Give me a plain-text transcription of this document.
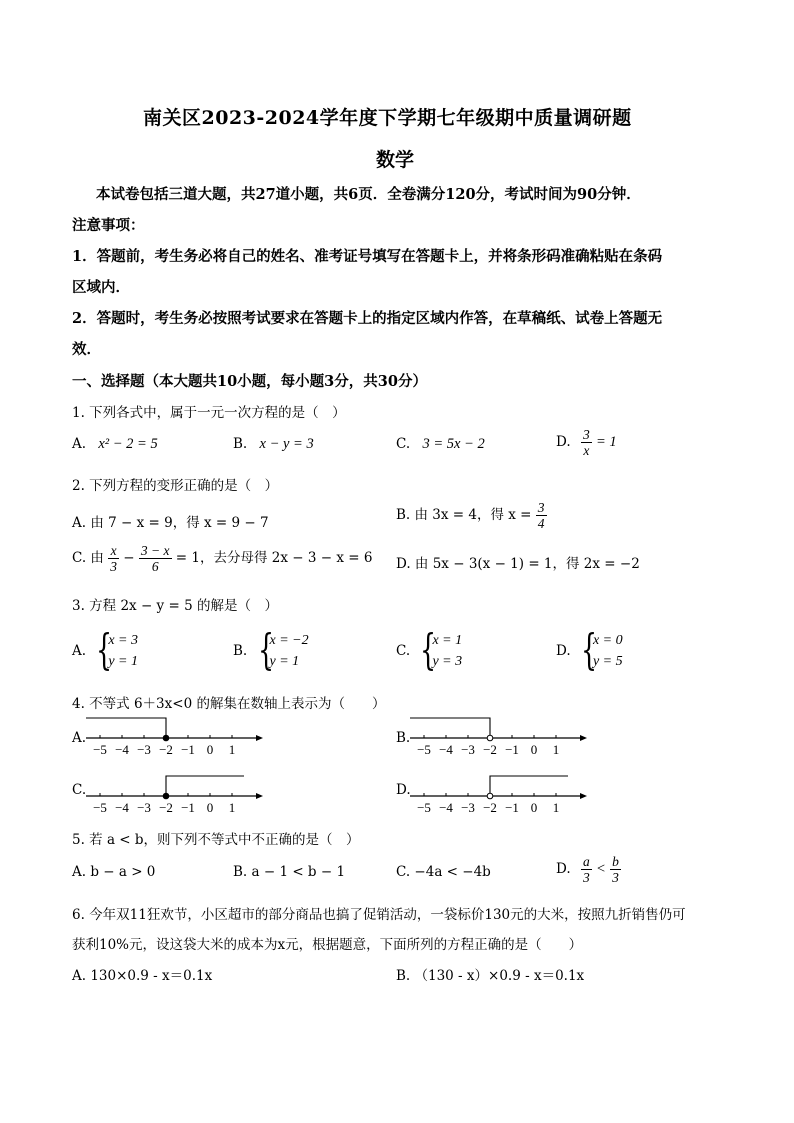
南关区2023-2024学年度下学期七年级期中质量调研题
数学
本试卷包括三道大题，共27道小题，共6页．全卷满分120分，考试时间为90分钟．
注意事项：
1．答题前，考生务必将自己的姓名、准考证号填写在答题卡上，并将条形码准确粘贴在条码
区域内．
2．答题时，考生务必按照考试要求在答题卡上的指定区域内作答，在草稿纸、试卷上答题无
效．
一、选择题（本大题共10小题，每小题3分，共30分）
1. 下列各式中，属于一元一次方程的是（　）
A. x² − 2 = 5	B. x − y = 3	C. 3 = 5x − 2	D. $\frac{3}{x} = 1$
2. 下列方程的变形正确的是（　）
A. 由 7 − x = 9，得 x = 9 − 7	B. 由 3x = 4，得 $x = \frac{3}{4}$
C. 由 $\frac{x}{3} - \frac{3 - x}{6} = 1$，去分母得 2x − 3 − x = 6 D. 由 5x − 3(x − 1) = 1，得 2x = −2
3. 方程 2x − y = 5 的解是（　）
A. {
x = 3
y = 1
B. {
x = −2
y = 1
C. {
x = 1
y = 3
D. {
x = 0
y = 5
4. 不等式 6＋3x<0 的解集在数轴上表示为（　　）
A.	B.
C.	D.
−5 −4 −3 −2 −1 0 1	−5 −4 −3 −2 −1 0 1
−5 −4 −3 −2 −1 0 1	−5 −4 −3 −2 −1 0 1
5. 若 a < b，则下列不等式中不正确的是（　）
A. b − a > 0	B. a − 1 < b − 1	C. −4a < −4b	D. $\frac{a}{3} < \frac{b}{3}$
6. 今年双11狂欢节，小区超市的部分商品也搞了促销活动，一袋标价130元的大米，按照九折销售仍可
获利10%元，设这袋大米的成本为x元，根据题意，下面所列的方程正确的是（　　）
A. 130×0.9 - x＝0.1x	B. （130 - x）×0.9 - x＝0.1x
